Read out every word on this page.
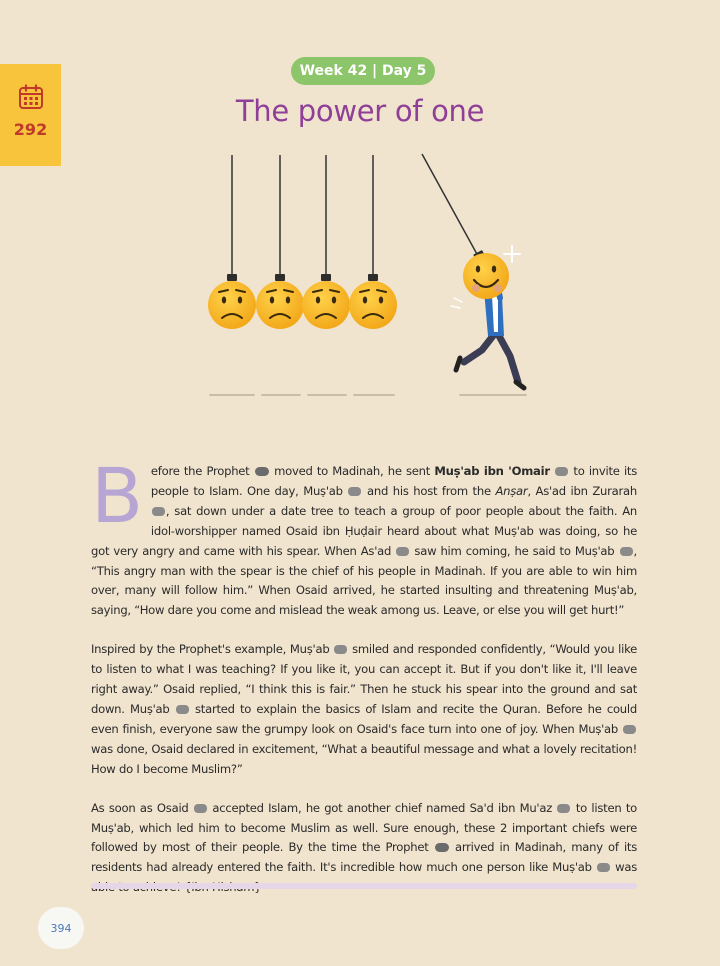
292
Week 42 | Day 5
The power of one

Before the Prophet  moved to Madinah, he sent Muṣ'ab ibn 'Omair  to invite its people to Islam. One day, Muṣ'ab  and his host from the Anṣar, As'ad ibn Zurarah , sat down under a date tree to teach a group of poor people about the faith. An idol-worshipper named Osaid ibn Ḥuḍair heard about what Muṣ'ab was doing, so he got very angry and came with his spear. When As'ad  saw him coming, he said to Muṣ'ab , “This angry man with the spear is the chief of his people in Madinah. If you are able to win him over, many will follow him.” When Osaid arrived, he started insulting and threatening Muṣ'ab, saying, “How dare you come and mislead the weak among us. Leave, or else you will get hurt!”

Inspired by the Prophet's example, Muṣ'ab  smiled and responded confidently, “Would you like to listen to what I was teaching? If you like it, you can accept it. But if you don't like it, I'll leave right away.” Osaid replied, “I think this is fair.” Then he stuck his spear into the ground and sat down. Muṣ'ab  started to explain the basics of Islam and recite the Quran. Before he could even finish, everyone saw the grumpy look on Osaid's face turn into one of joy. When Muṣ'ab  was done, Osaid declared in excitement, “What a beautiful message and what a lovely recitation! How do I become Muslim?”

As soon as Osaid  accepted Islam, he got another chief named Sa'd ibn Mu'az  to listen to Muṣ'ab, which led him to become Muslim as well. Sure enough, these 2 important chiefs were followed by most of their people. By the time the Prophet  arrived in Madinah, many of its residents had already entered the faith. It's incredible how much one person like Muṣ'ab  was

394
